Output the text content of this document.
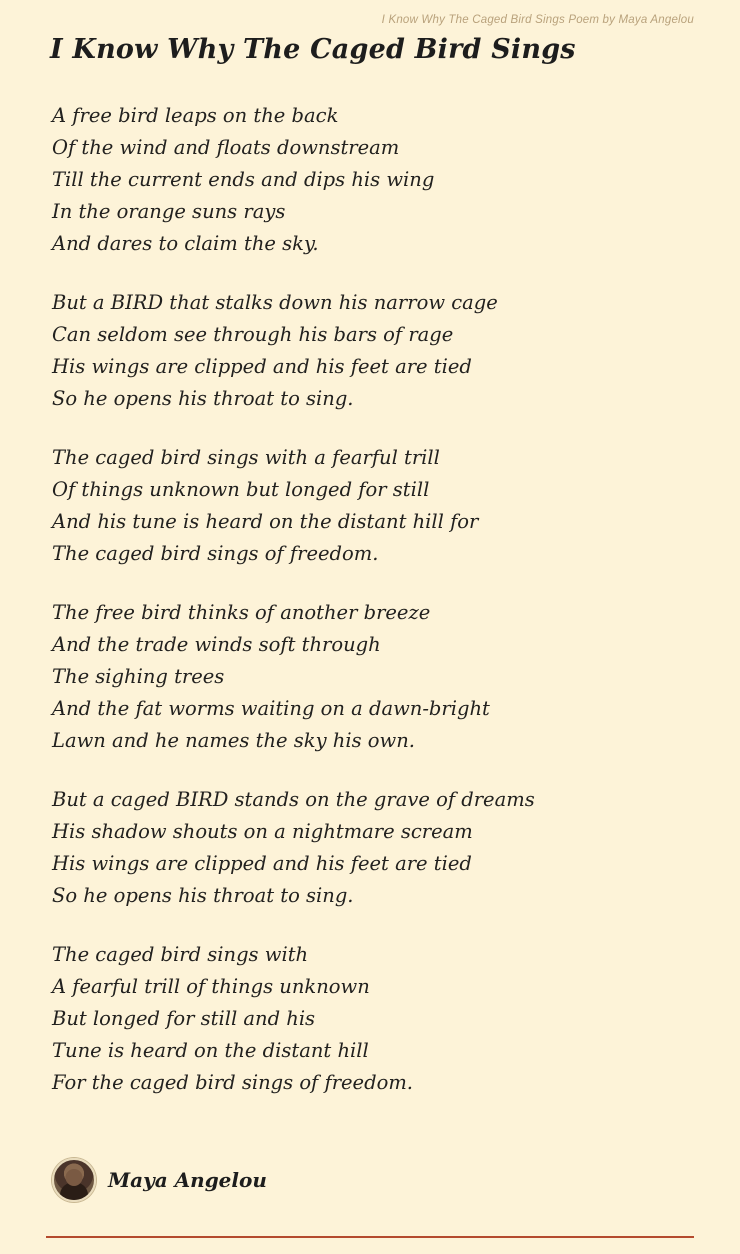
I Know Why The Caged Bird Sings Poem by Maya Angelou
I Know Why The Caged Bird Sings
A free bird leaps on the back
Of the wind and floats downstream
Till the current ends and dips his wing
In the orange suns rays
And dares to claim the sky.
But a BIRD that stalks down his narrow cage
Can seldom see through his bars of rage
His wings are clipped and his feet are tied
So he opens his throat to sing.
The caged bird sings with a fearful trill
Of things unknown but longed for still
And his tune is heard on the distant hill for
The caged bird sings of freedom.
The free bird thinks of another breeze
And the trade winds soft through
The sighing trees
And the fat worms waiting on a dawn-bright
Lawn and he names the sky his own.
But a caged BIRD stands on the grave of dreams
His shadow shouts on a nightmare scream
His wings are clipped and his feet are tied
So he opens his throat to sing.
The caged bird sings with
A fearful trill of things unknown
But longed for still and his
Tune is heard on the distant hill
For the caged bird sings of freedom.
Maya Angelou
